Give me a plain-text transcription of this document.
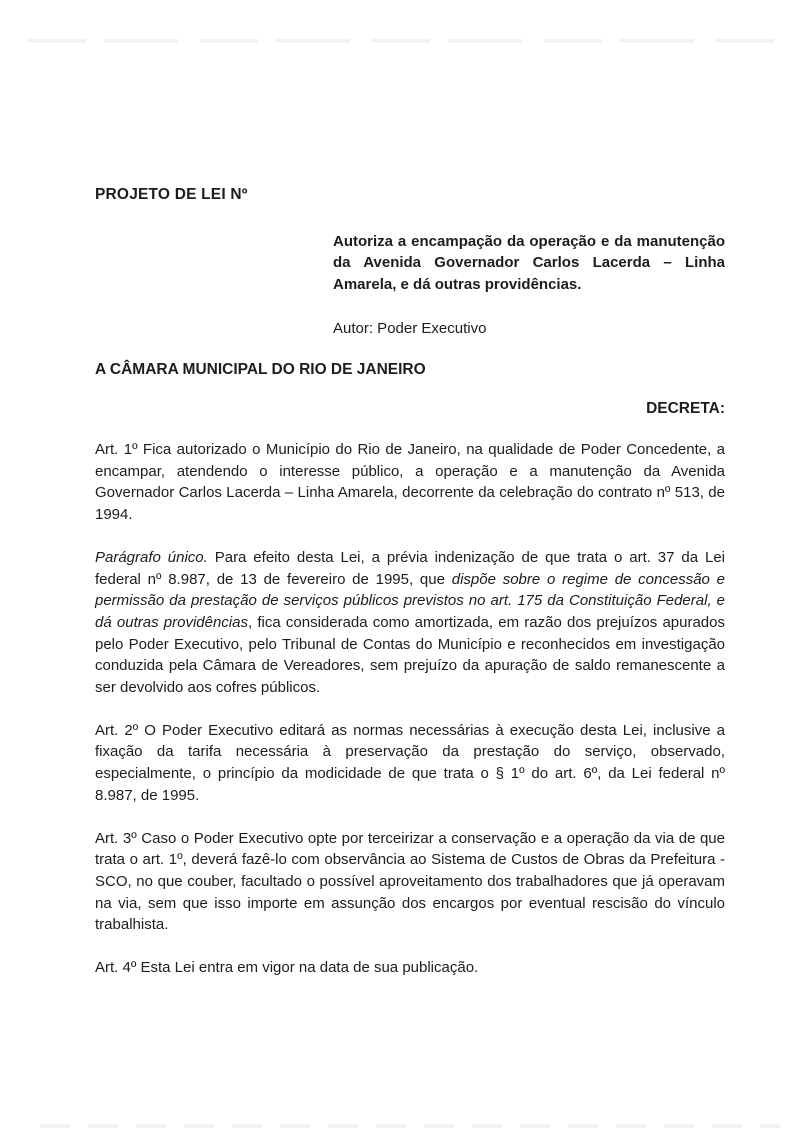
PROJETO DE LEI Nº
Autoriza a encampação da operação e da manutenção da Avenida Governador Carlos Lacerda – Linha Amarela, e dá outras providências.
Autor: Poder Executivo
A CÂMARA MUNICIPAL DO RIO DE JANEIRO
DECRETA:

Art. 1º Fica autorizado o Município do Rio de Janeiro, na qualidade de Poder Concedente, a encampar, atendendo o interesse público, a operação e a manutenção da Avenida Governador Carlos Lacerda – Linha Amarela, decorrente da celebração do contrato nº 513, de 1994.

Parágrafo único. Para efeito desta Lei, a prévia indenização de que trata o art. 37 da Lei federal nº 8.987, de 13 de fevereiro de 1995, que dispõe sobre o regime de concessão e permissão da prestação de serviços públicos previstos no art. 175 da Constituição Federal, e dá outras providências, fica considerada como amortizada, em razão dos prejuízos apurados pelo Poder Executivo, pelo Tribunal de Contas do Município e reconhecidos em investigação conduzida pela Câmara de Vereadores, sem prejuízo da apuração de saldo remanescente a ser devolvido aos cofres públicos.

Art. 2º O Poder Executivo editará as normas necessárias à execução desta Lei, inclusive a fixação da tarifa necessária à preservação da prestação do serviço, observado, especialmente, o princípio da modicidade de que trata o § 1º do art. 6º, da Lei federal nº 8.987, de 1995.

Art. 3º Caso o Poder Executivo opte por terceirizar a conservação e a operação da via de que trata o art. 1º, deverá fazê-lo com observância ao Sistema de Custos de Obras da Prefeitura - SCO, no que couber, facultado o possível aproveitamento dos trabalhadores que já operavam na via, sem que isso importe em assunção dos encargos por eventual rescisão do vínculo trabalhista.

Art. 4º Esta Lei entra em vigor na data de sua publicação.
